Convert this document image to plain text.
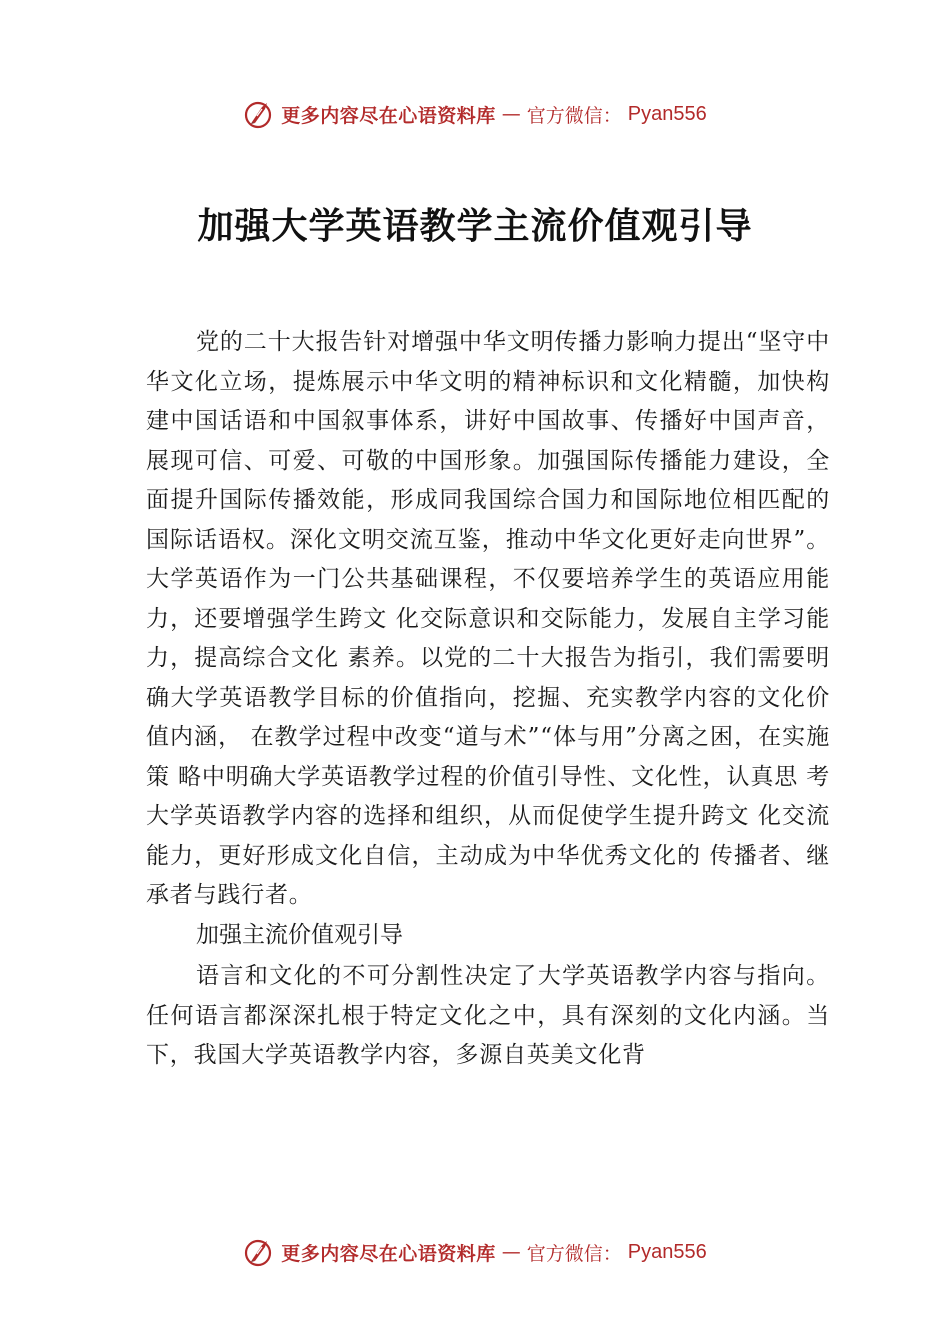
更多内容尽在心语资料库 — 官方微信： Pyan556
加强大学英语教学主流价值观引导

党的二十大报告针对增强中华文明传播力影响力提出“坚守中华文化立场，提炼展示中华文明的精神标识和文化精髓，加快构建中国话语和中国叙事体系，讲好中国故事、传播好中国声音，展现可信、可爱、可敬的中国形象。加强国际传播能力建设，全面提升国际传播效能，形成同我国综合国力和国际地位相匹配的国际话语权。深化文明交流互鉴，推动中华文化更好走向世界”。大学英语作为一门公共基础课程，不仅要培养学生的英语应用能力，还要增强学生跨文 化交际意识和交际能力，发展自主学习能力，提高综合文化 素养。以党的二十大报告为指引，我们需要明确大学英语教学目标的价值指向，挖掘、充实教学内容的文化价值内涵， 在教学过程中改变“道与术”“体与用”分离之困，在实施策 略中明确大学英语教学过程的价值引导性、文化性，认真思 考大学英语教学内容的选择和组织，从而促使学生提升跨文 化交流能力，更好形成文化自信，主动成为中华优秀文化的 传播者、继承者与践行者。

加强主流价值观引导

语言和文化的不可分割性决定了大学英语教学内容与指向。任何语言都深深扎根于特定文化之中，具有深刻的文化内涵。当下，我国大学英语教学内容，多源自英美文化背

更多内容尽在心语资料库 — 官方微信： Pyan556
